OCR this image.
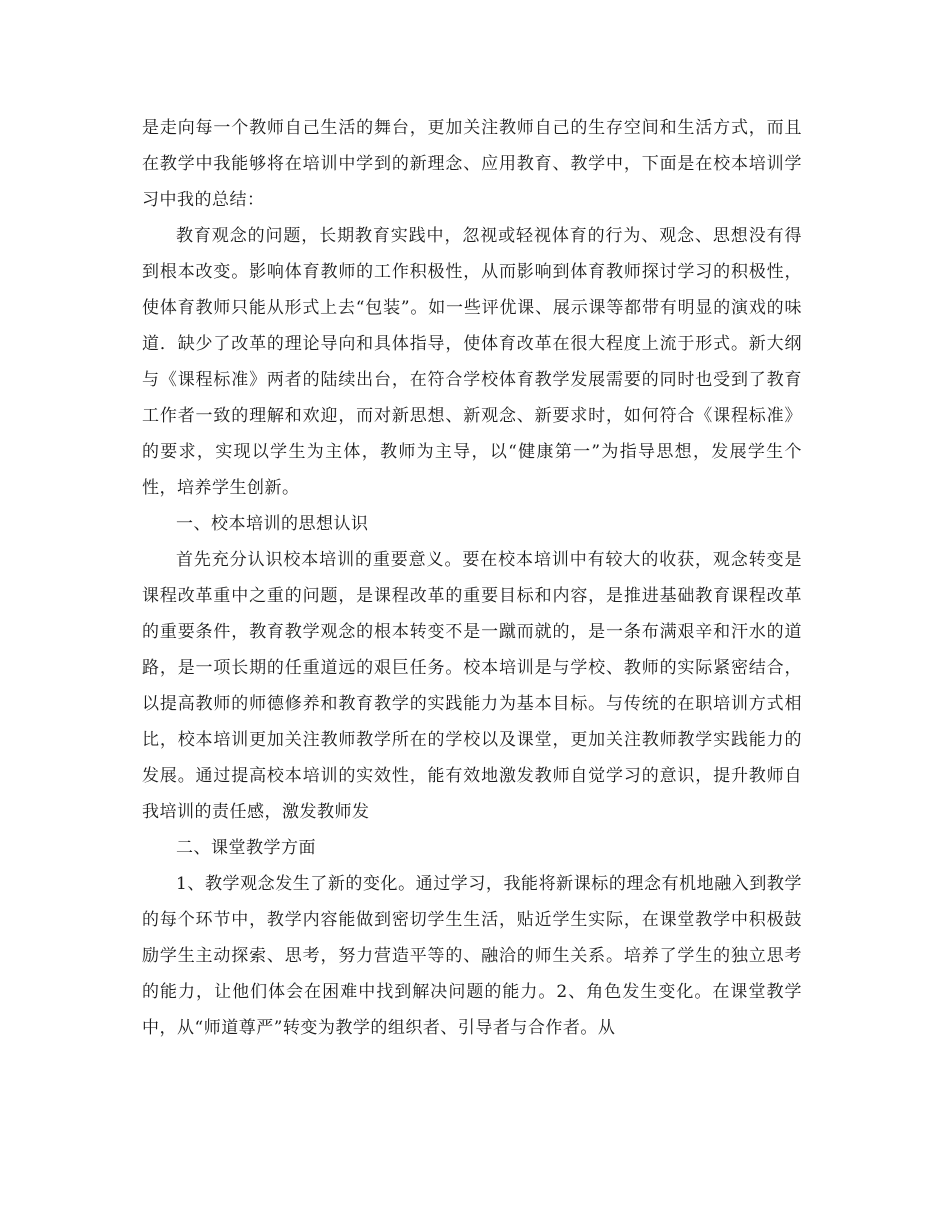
是走向每一个教师自己生活的舞台，更加关注教师自己的生存空间和生活方式，而且在教学中我能够将在培训中学到的新理念、应用教育、教学中，下面是在校本培训学习中我的总结：

教育观念的问题，长期教育实践中，忽视或轻视体育的行为、观念、思想没有得到根本改变。影响体育教师的工作积极性，从而影响到体育教师探讨学习的积极性，使体育教师只能从形式上去“包装”。如一些评优课、展示课等都带有明显的演戏的味道．缺少了改革的理论导向和具体指导，使体育改革在很大程度上流于形式。新大纲与《课程标准》两者的陆续出台，在符合学校体育教学发展需要的同时也受到了教育工作者一致的理解和欢迎，而对新思想、新观念、新要求时，如何符合《课程标准》的要求，实现以学生为主体，教师为主导，以“健康第一”为指导思想，发展学生个性，培养学生创新。

一、校本培训的思想认识

首先充分认识校本培训的重要意义。要在校本培训中有较大的收获，观念转变是课程改革重中之重的问题，是课程改革的重要目标和内容，是推进基础教育课程改革的重要条件，教育教学观念的根本转变不是一蹴而就的，是一条布满艰辛和汗水的道路，是一项长期的任重道远的艰巨任务。校本培训是与学校、教师的实际紧密结合，以提高教师的师德修养和教育教学的实践能力为基本目标。与传统的在职培训方式相比，校本培训更加关注教师教学所在的学校以及课堂，更加关注教师教学实践能力的发展。通过提高校本培训的实效性，能有效地激发教师自觉学习的意识，提升教师自我培训的责任感，激发教师发

二、课堂教学方面

1、教学观念发生了新的变化。通过学习，我能将新课标的理念有机地融入到教学的每个环节中，教学内容能做到密切学生生活，贴近学生实际，在课堂教学中积极鼓励学生主动探索、思考，努力营造平等的、融洽的师生关系。培养了学生的独立思考的能力，让他们体会在困难中找到解决问题的能力。2、角色发生变化。在课堂教学中，从“师道尊严”转变为教学的组织者、引导者与合作者。从
